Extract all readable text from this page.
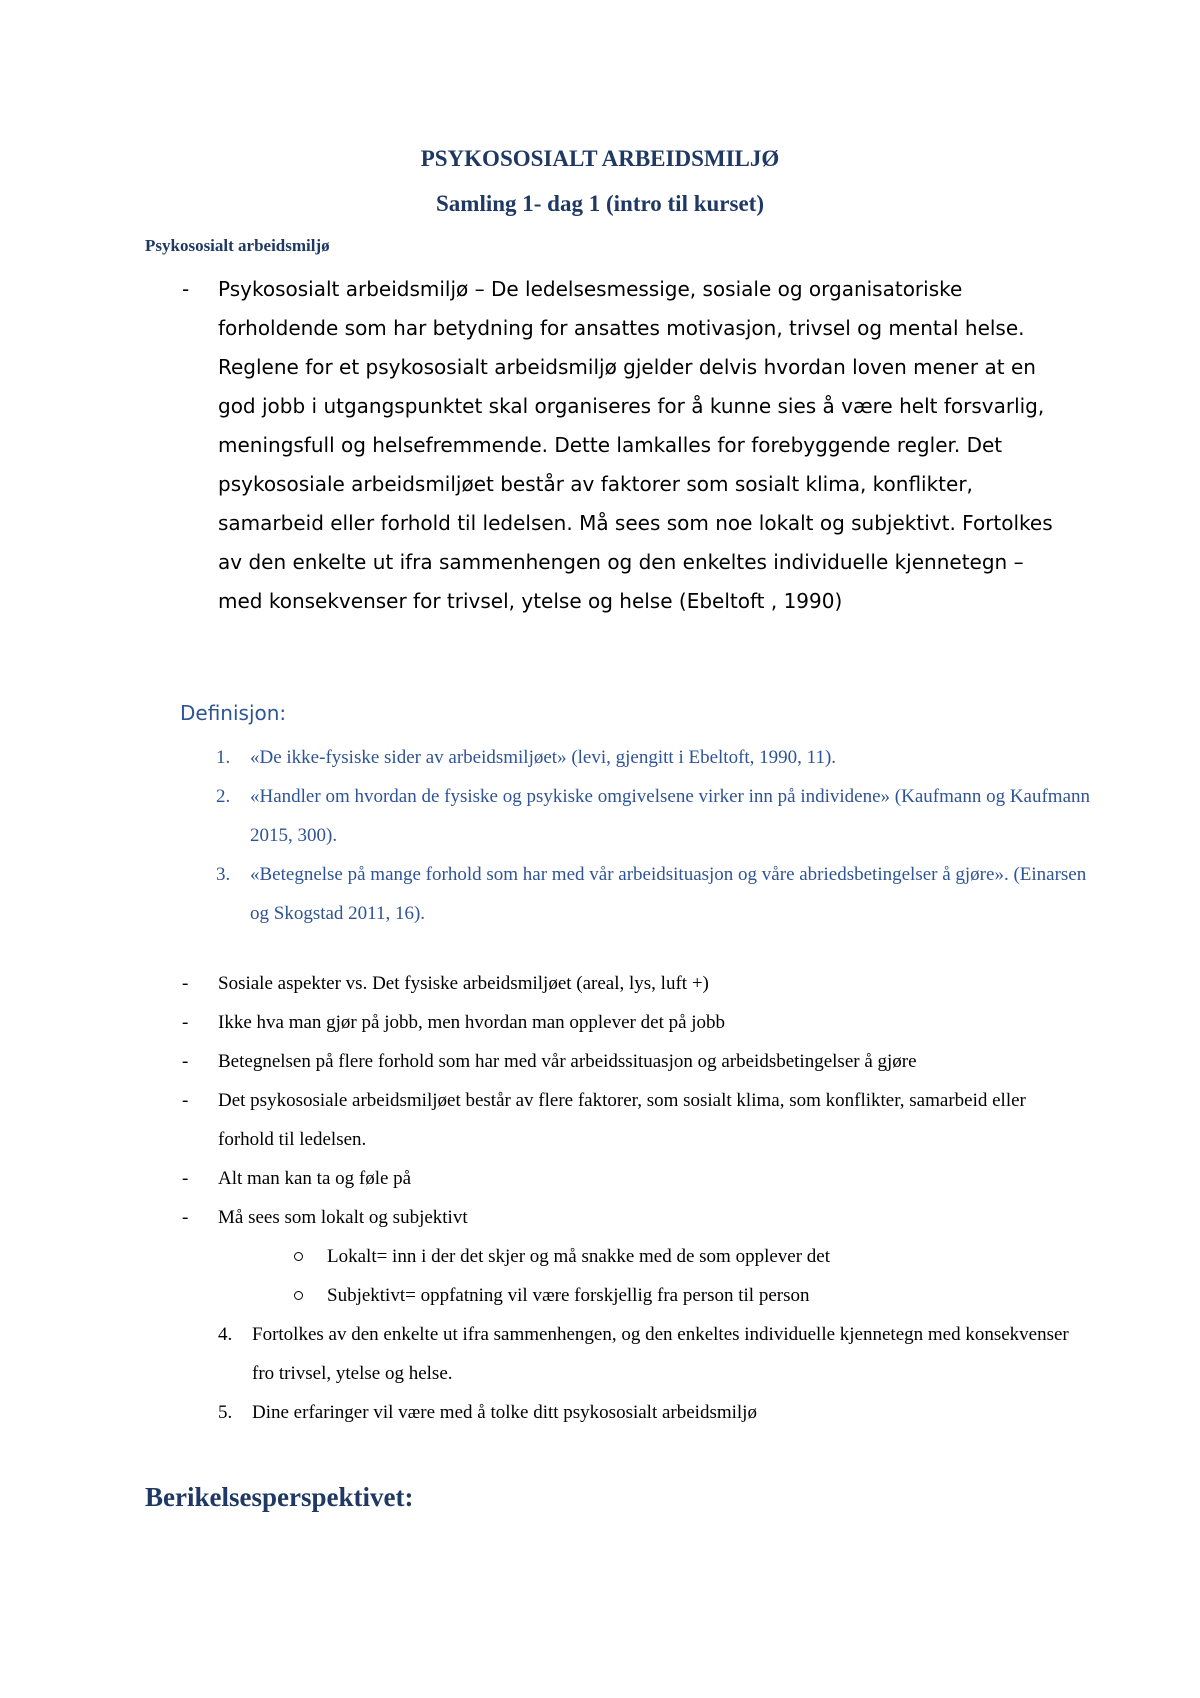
PSYKOSOSIALT ARBEIDSMILJØ
Samling 1- dag 1 (intro til kurset)
Psykososialt arbeidsmiljø
- Psykososialt arbeidsmiljø – De ledelsesmessige, sosiale og organisatoriske forholdende som har betydning for ansattes motivasjon, trivsel og mental helse. Reglene for et psykososialt arbeidsmiljø gjelder delvis hvordan loven mener at en god jobb i utgangspunktet skal organiseres for å kunne sies å være helt forsvarlig, meningsfull og helsefremmende. Dette lamkalles for forebyggende regler. Det psykososiale arbeidsmiljøet består av faktorer som sosialt klima, konflikter, samarbeid eller forhold til ledelsen. Må sees som noe lokalt og subjektivt. Fortolkes av den enkelte ut ifra sammenhengen og den enkeltes individuelle kjennetegn – med konsekvenser for trivsel, ytelse og helse (Ebeltoft , 1990)
Definisjon:
1. «De ikke-fysiske sider av arbeidsmiljøet» (levi, gjengitt i Ebeltoft, 1990, 11).
2. «Handler om hvordan de fysiske og psykiske omgivelsene virker inn på individene» (Kaufmann og Kaufmann 2015, 300).
3. «Betegnelse på mange forhold som har med vår arbeidsituasjon og våre abriedsbetingelser å gjøre». (Einarsen og Skogstad 2011, 16).
- Sosiale aspekter vs. Det fysiske arbeidsmiljøet (areal, lys, luft +)
- Ikke hva man gjør på jobb, men hvordan man opplever det på jobb
- Betegnelsen på flere forhold som har med vår arbeidssituasjon og arbeidsbetingelser å gjøre
- Det psykososiale arbeidsmiljøet består av flere faktorer, som sosialt klima, som konflikter, samarbeid eller forhold til ledelsen.
- Alt man kan ta og føle på
- Må sees som lokalt og subjektivt
Lokalt= inn i der det skjer og må snakke med de som opplever det
Subjektivt= oppfatning vil være forskjellig fra person til person
4. Fortolkes av den enkelte ut ifra sammenhengen, og den enkeltes individuelle kjennetegn med konsekvenser fro trivsel, ytelse og helse.
5. Dine erfaringer vil være med å tolke ditt psykososialt arbeidsmiljø
Berikelsesperspektivet:
